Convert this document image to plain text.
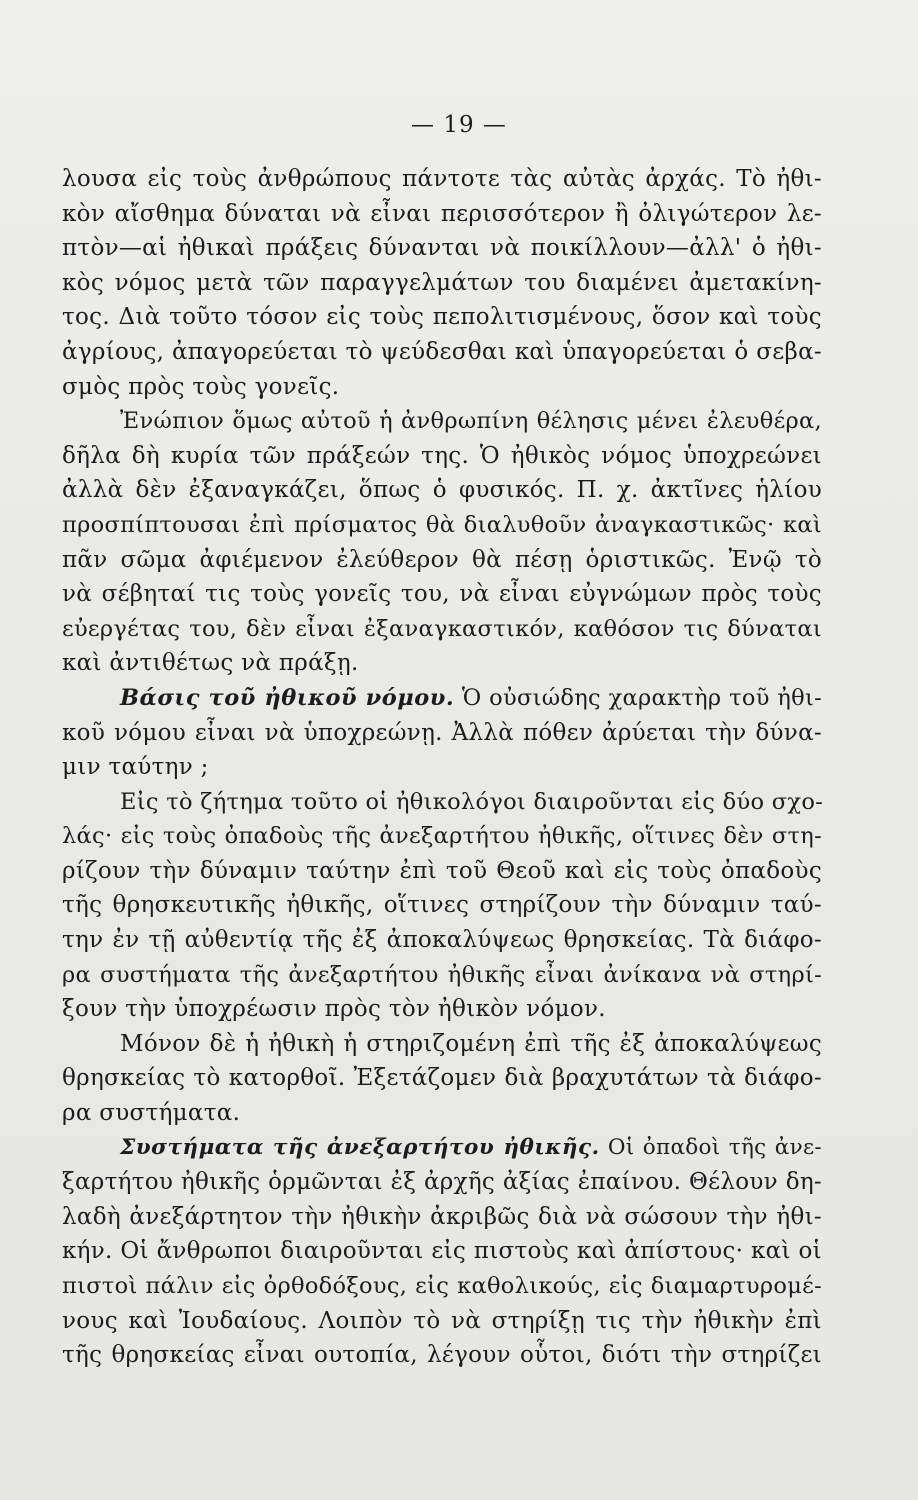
— 19 —
λουσα εἰς τοὺς ἀνθρώπους πάντοτε τὰς αὐτὰς ἀρχάς. Τὸ ἠθι-
κὸν αἴσθημα δύναται νὰ εἶναι περισσότερον ἢ ὀλιγώτερον λε-
πτὸν—αἱ ἠθικαὶ πράξεις δύνανται νὰ ποικίλλουν—ἀλλ' ὁ ἠθι-
κὸς νόμος μετὰ τῶν παραγγελμάτων του διαμένει ἀμετακίνη-
τος. Διὰ τοῦτο τόσον εἰς τοὺς πεπολιτισμένους, ὅσον καὶ τοὺς
ἀγρίους, ἀπαγορεύεται τὸ ψεύδεσθαι καὶ ὑπαγορεύεται ὁ σεβα-
σμὸς πρὸς τοὺς γονεῖς.
Ἐνώπιον ὅμως αὐτοῦ ἡ ἀνθρωπίνη θέλησις μένει ἐλευθέρα,
δῆλα δὴ κυρία τῶν πράξεών της. Ὁ ἠθικὸς νόμος ὑποχρεώνει
ἀλλὰ δὲν ἐξαναγκάζει, ὅπως ὁ φυσικός. Π. χ. ἀκτῖνες ἡλίου
προσπίπτουσαι ἐπὶ πρίσματος θὰ διαλυθοῦν ἀναγκαστικῶς· καὶ
πᾶν σῶμα ἀφιέμενον ἐλεύθερον θὰ πέσῃ ὁριστικῶς. Ἐνῷ τὸ
νὰ σέβηταί τις τοὺς γονεῖς του, νὰ εἶναι εὐγνώμων πρὸς τοὺς
εὐεργέτας του, δὲν εἶναι ἐξαναγκαστικόν, καθόσον τις δύναται
καὶ ἀντιθέτως νὰ πράξῃ.
Βάσις τοῦ ἠθικοῦ νόμου. Ὁ οὐσιώδης χαρακτὴρ τοῦ ἠθι-
κοῦ νόμου εἶναι νὰ ὑποχρεώνῃ. Ἀλλὰ πόθεν ἀρύεται τὴν δύνα-
μιν ταύτην ;
Εἰς τὸ ζήτημα τοῦτο οἱ ἠθικολόγοι διαιροῦνται εἰς δύο σχο-
λάς· εἰς τοὺς ὀπαδοὺς τῆς ἀνεξαρτήτου ἠθικῆς, οἵτινες δὲν στη-
ρίζουν τὴν δύναμιν ταύτην ἐπὶ τοῦ Θεοῦ καὶ εἰς τοὺς ὀπαδοὺς
τῆς θρησκευτικῆς ἠθικῆς, οἵτινες στηρίζουν τὴν δύναμιν ταύ-
την ἐν τῇ αὐθεντίᾳ τῆς ἐξ ἀποκαλύψεως θρησκείας. Τὰ διάφο-
ρα συστήματα τῆς ἀνεξαρτήτου ἠθικῆς εἶναι ἀνίκανα νὰ στηρί-
ξουν τὴν ὑποχρέωσιν πρὸς τὸν ἠθικὸν νόμον.
Μόνον δὲ ἡ ἠθικὴ ἡ στηριζομένη ἐπὶ τῆς ἐξ ἀποκαλύψεως
θρησκείας τὸ κατορθοῖ. Ἐξετάζομεν διὰ βραχυτάτων τὰ διάφο-
ρα συστήματα.
Συστήματα τῆς ἀνεξαρτήτου ἠθικῆς. Οἱ ὀπαδοὶ τῆς ἀνε-
ξαρτήτου ἠθικῆς ὁρμῶνται ἐξ ἀρχῆς ἀξίας ἐπαίνου. Θέλουν δη-
λαδὴ ἀνεξάρτητον τὴν ἠθικὴν ἀκριβῶς διὰ νὰ σώσουν τὴν ἠθι-
κήν. Οἱ ἄνθρωποι διαιροῦνται εἰς πιστοὺς καὶ ἀπίστους· καὶ οἱ
πιστοὶ πάλιν εἰς ὀρθοδόξους, εἰς καθολικούς, εἰς διαμαρτυρομέ-
νους καὶ Ἰουδαίους. Λοιπὸν τὸ νὰ στηρίξῃ τις τὴν ἠθικὴν ἐπὶ
τῆς θρησκείας εἶναι ουτοπία, λέγουν οὗτοι, διότι τὴν στηρίζει
